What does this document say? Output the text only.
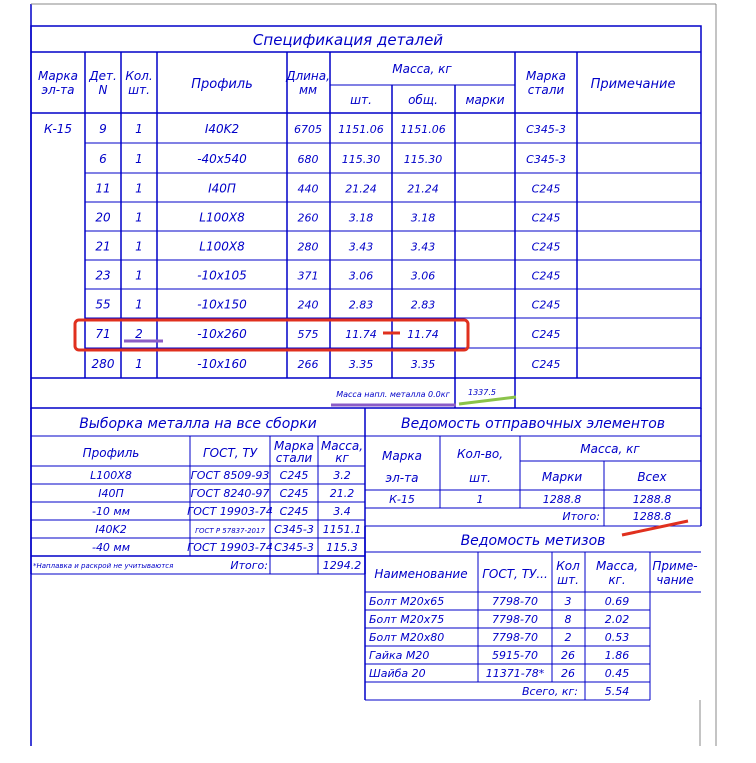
Спецификация деталей
Марка
эл-та
Дет.
N
Кол.
шт.	Профиль
Длина,
мм
Масса, кг
шт.	общ. марки
Марка
стали Примечание
К-15 9 1	I40K2	6705 1151.06 1151.06	С345-3
6 1	-40x540	680 115.30 115.30	С345-3
11 1	I40П	440 21.24	21.24	С245
20 1	L100X8	260	3.18	3.18	С245
21 1	L100X8	280	3.43	3.43	С245
23 1	-10x105	371	3.06	3.06	С245
55 1	-10x150	240	2.83	2.83	С245
71 2	-10x260	575 11.74	11.74	С245
280 1	-10x160	266	3.35	3.35	С245
Масса напл. металла 0.0кг 1337.5
Выборка металла на все сборки
Профиль	ГОСТ, ТУ Марка
стали
Масса,
кг
L100X8	ГОСТ 8509-93 С245 3.2
I40П	ГОСТ 8240-97 С245 21.2
-10 мм	ГОСТ 19903-74 С245 3.4
I40K2	ГОСТ Р 57837-2017 С345-3 1151.1
-40 мм	ГОСТ 19903-74 С345-3 115.3
*Наплавка и раскрой не учитываются	Итого:	1294.2
Ведомость отправочных элементов
Марка
эл-та
Кол-во,
шт.
Масса, кг
Марки	Всех
К-15	1	1288.8	1288.8
Итого:	1288.8
Ведомость метизов
Наименование ГОСТ, ТУ...
Кол
шт.
Масса,
кг.
Приме-
чание
Болт М20х65	7798-70 3	0.69
Болт М20х75	7798-70 8	2.02
Болт М20х80	7798-70 2	0.53
Гайка М20	5915-70 26	1.86
Шайба 20	11371-78* 26	0.45
Всего, кг: 5.54
